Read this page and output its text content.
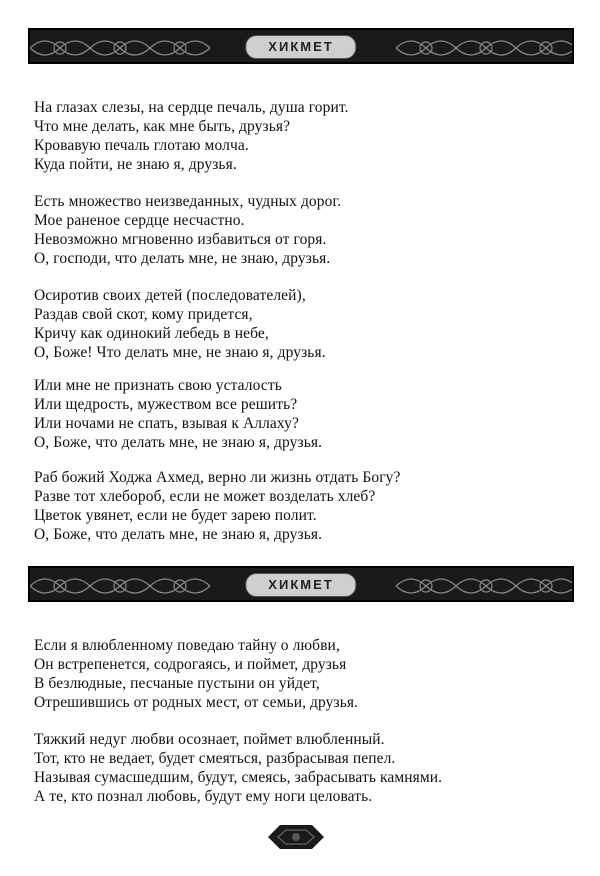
ХИКМЕТ
На глазах слезы, на сердце печаль, душа горит.
Что мне делать, как мне быть, друзья?
Кровавую печаль глотаю молча.
Куда пойти, не знаю я, друзья.
Есть множество неизведанных, чудных дорог.
Мое раненое сердце несчастно.
Невозможно мгновенно избавиться от горя.
О, господи, что делать мне, не знаю, друзья.
Осиротив своих детей (последователей),
Раздав свой скот, кому придется,
Кричу как одинокий лебедь в небе,
О, Боже! Что делать мне, не знаю я, друзья.
Или мне не признать свою усталость
Или щедрость, мужеством все решить?
Или ночами не спать, взывая к Аллаху?
О, Боже, что делать мне, не знаю я, друзья.
Раб божий Ходжа Ахмед, верно ли жизнь отдать Богу?
Разве тот хлебороб, если не может возделать хлеб?
Цветок увянет, если не будет зарею полит.
О, Боже, что делать мне, не знаю я, друзья.
ХИКМЕТ
Если я влюбленному поведаю тайну о любви,
Он встрепенется, содрогаясь, и поймет, друзья
В безлюдные, песчаные пустыни он уйдет,
Отрешившись от родных мест, от семьи, друзья.
Тяжкий недуг любви осознает, поймет влюбленный.
Тот, кто не ведает, будет смеяться, разбрасывая пепел.
Называя сумасшедшим, будут, смеясь, забрасывать камнями.
А те, кто познал любовь, будут ему ноги целовать.
